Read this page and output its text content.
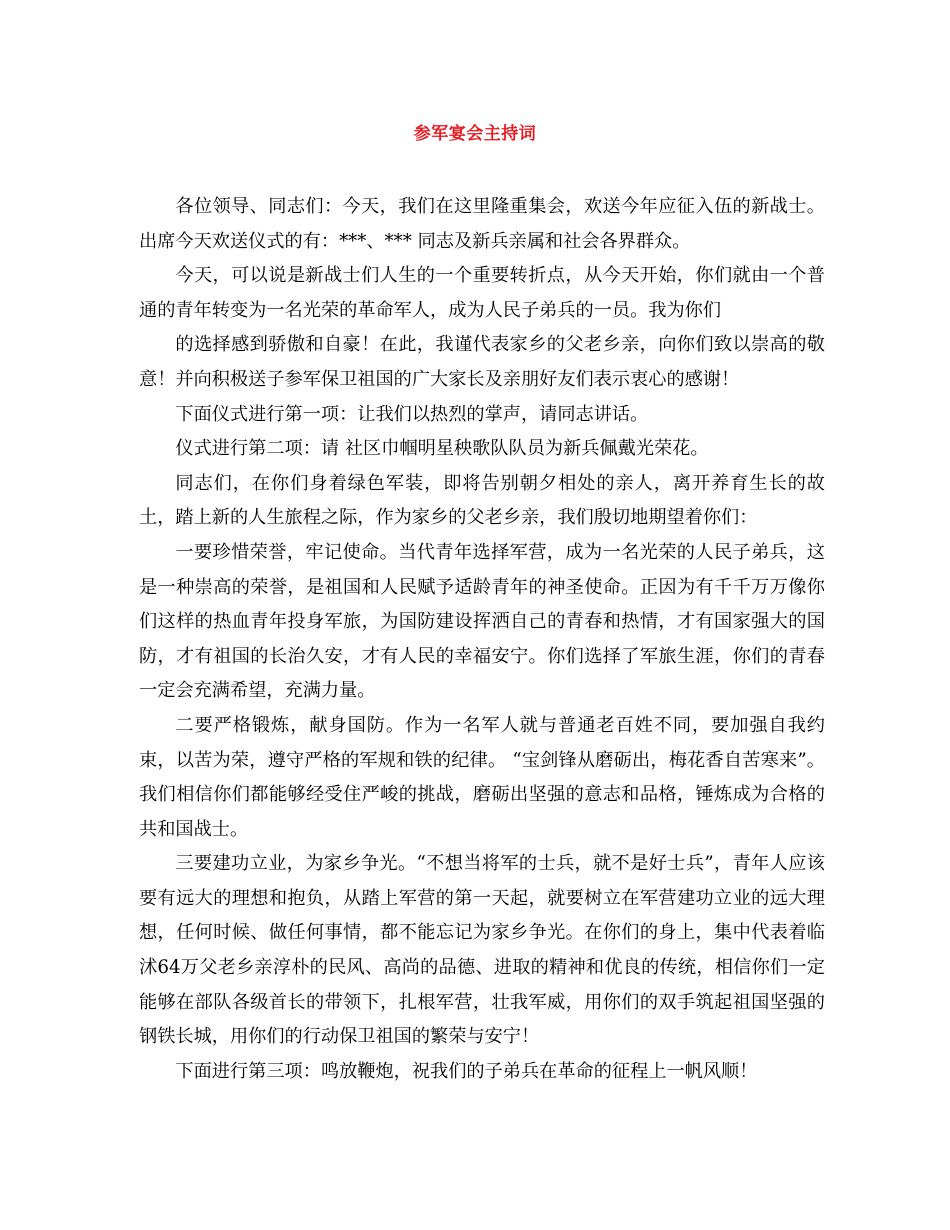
参军宴会主持词

各位领导、同志们：今天，我们在这里隆重集会，欢送今年应征入伍的新战士。出席今天欢送仪式的有：***、*** 同志及新兵亲属和社会各界群众。

今天，可以说是新战士们人生的一个重要转折点，从今天开始，你们就由一个普通的青年转变为一名光荣的革命军人，成为人民子弟兵的一员。我为你们

的选择感到骄傲和自豪！在此，我谨代表家乡的父老乡亲，向你们致以崇高的敬意！并向积极送子参军保卫祖国的广大家长及亲朋好友们表示衷心的感谢！

下面仪式进行第一项：让我们以热烈的掌声，请同志讲话。

仪式进行第二项：请 社区巾帼明星秧歌队队员为新兵佩戴光荣花。

同志们，在你们身着绿色军装，即将告别朝夕相处的亲人，离开养育生长的故土，踏上新的人生旅程之际，作为家乡的父老乡亲，我们殷切地期望着你们：

一要珍惜荣誉，牢记使命。当代青年选择军营，成为一名光荣的人民子弟兵，这是一种崇高的荣誉，是祖国和人民赋予适龄青年的神圣使命。正因为有千千万万像你们这样的热血青年投身军旅，为国防建设挥洒自己的青春和热情，才有国家强大的国防，才有祖国的长治久安，才有人民的幸福安宁。你们选择了军旅生涯，你们的青春一定会充满希望，充满力量。

二要严格锻炼，献身国防。作为一名军人就与普通老百姓不同，要加强自我约束，以苦为荣，遵守严格的军规和铁的纪律。 “宝剑锋从磨砺出，梅花香自苦寒来”。我们相信你们都能够经受住严峻的挑战，磨砺出坚强的意志和品格，锤炼成为合格的共和国战士。

三要建功立业，为家乡争光。“不想当将军的士兵，就不是好士兵”，青年人应该要有远大的理想和抱负，从踏上军营的第一天起，就要树立在军营建功立业的远大理想，任何时候、做任何事情，都不能忘记为家乡争光。在你们的身上，集中代表着临沭64万父老乡亲淳朴的民风、高尚的品德、进取的精神和优良的传统，相信你们一定能够在部队各级首长的带领下，扎根军营，壮我军威，用你们的双手筑起祖国坚强的钢铁长城，用你们的行动保卫祖国的繁荣与安宁！

下面进行第三项：鸣放鞭炮，祝我们的子弟兵在革命的征程上一帆风顺！
